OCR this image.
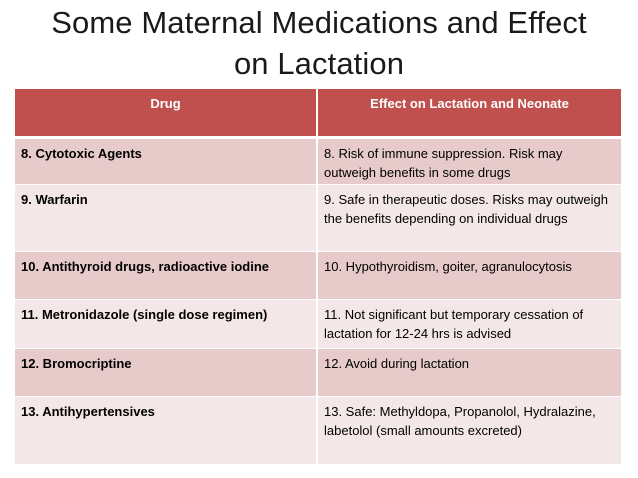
Some Maternal Medications and Effect
on Lactation
Drug	Effect on Lactation and Neonate
8. Cytotoxic Agents	8. Risk of immune suppression. Risk may outweigh benefits in some drugs
9. Warfarin	9. Safe in therapeutic doses. Risks may outweigh the benefits depending on individual drugs
10. Antithyroid drugs, radioactive iodine	10. Hypothyroidism, goiter, agranulocytosis
11. Metronidazole (single dose regimen)	11. Not significant but temporary cessation of lactation for 12-24 hrs is advised
12. Bromocriptine	12. Avoid during lactation
13. Antihypertensives	13. Safe: Methyldopa, Propanolol, Hydralazine, labetolol (small amounts excreted)
